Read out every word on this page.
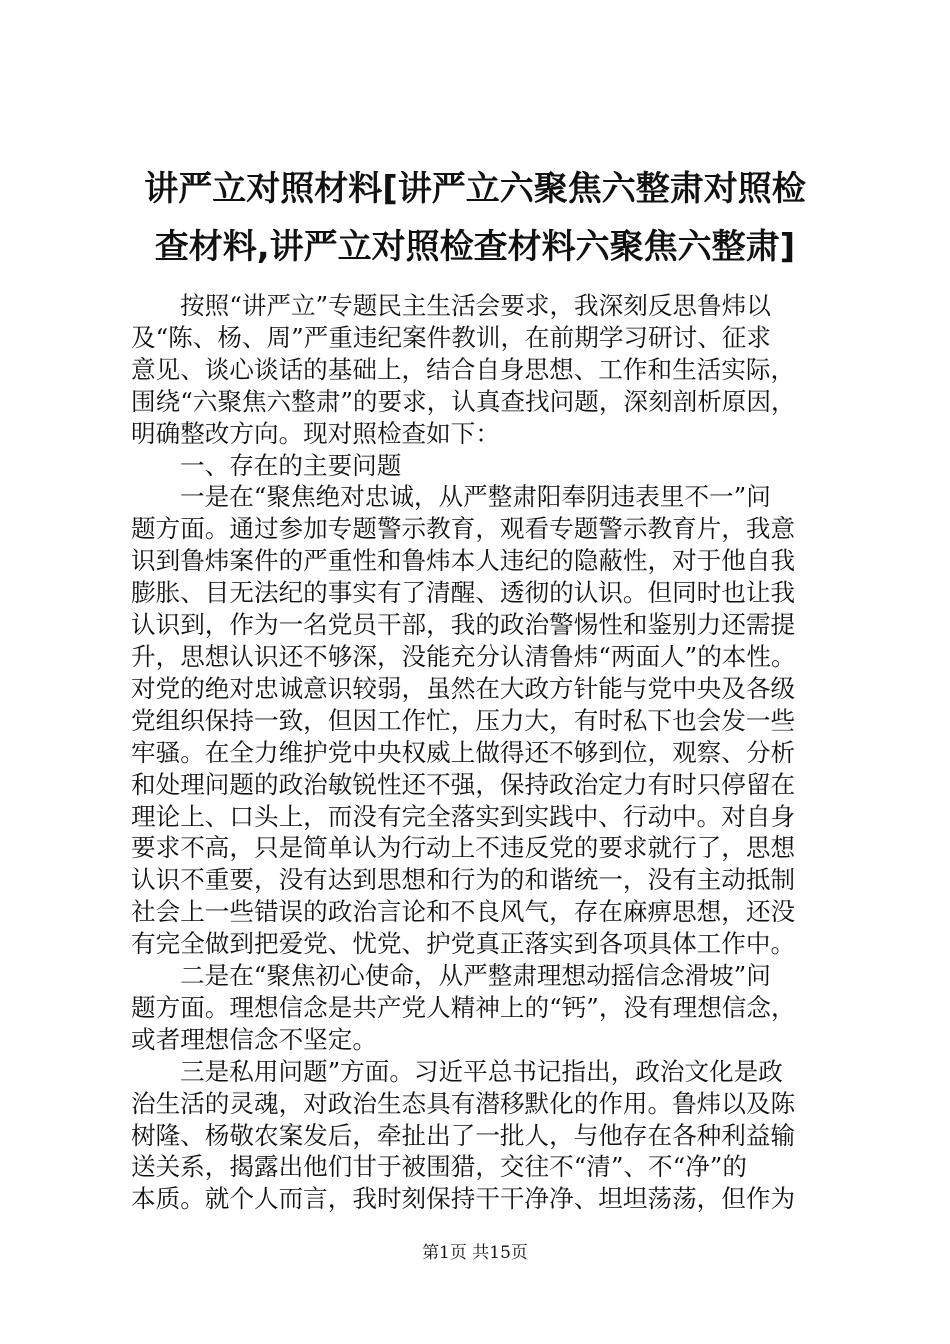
讲严立对照材料[讲严立六聚焦六整肃对照检
查材料,讲严立对照检查材料六聚焦六整肃]
按照“讲严立”专题民主生活会要求，我深刻反思鲁炜以
及“陈、杨、周”严重违纪案件教训，在前期学习研讨、征求
意见、谈心谈话的基础上，结合自身思想、工作和生活实际，
围绕“六聚焦六整肃”的要求，认真查找问题，深刻剖析原因，
明确整改方向。现对照检查如下：
一、存在的主要问题
一是在“聚焦绝对忠诚，从严整肃阳奉阴违表里不一”问
题方面。通过参加专题警示教育，观看专题警示教育片，我意
识到鲁炜案件的严重性和鲁炜本人违纪的隐蔽性，对于他自我
膨胀、目无法纪的事实有了清醒、透彻的认识。但同时也让我
认识到，作为一名党员干部，我的政治警惕性和鉴别力还需提
升，思想认识还不够深，没能充分认清鲁炜“两面人”的本性。
对党的绝对忠诚意识较弱，虽然在大政方针能与党中央及各级
党组织保持一致，但因工作忙，压力大，有时私下也会发一些
牢骚。在全力维护党中央权威上做得还不够到位，观察、分析
和处理问题的政治敏锐性还不强，保持政治定力有时只停留在
理论上、口头上，而没有完全落实到实践中、行动中。对自身
要求不高，只是简单认为行动上不违反党的要求就行了，思想
认识不重要，没有达到思想和行为的和谐统一，没有主动抵制
社会上一些错误的政治言论和不良风气，存在麻痹思想，还没
有完全做到把爱党、忧党、护党真正落实到各项具体工作中。
二是在“聚焦初心使命，从严整肃理想动摇信念滑坡”问
题方面。理想信念是共产党人精神上的“钙”，没有理想信念，
或者理想信念不坚定。
三是私用问题”方面。习近平总书记指出，政治文化是政
治生活的灵魂，对政治生态具有潜移默化的作用。鲁炜以及陈
树隆、杨敬农案发后，牵扯出了一批人，与他存在各种利益输
送关系，揭露出他们甘于被围猎，交往不“清”、不“净”的
本质。就个人而言，我时刻保持干干净净、坦坦荡荡，但作为
第1页 共15页
